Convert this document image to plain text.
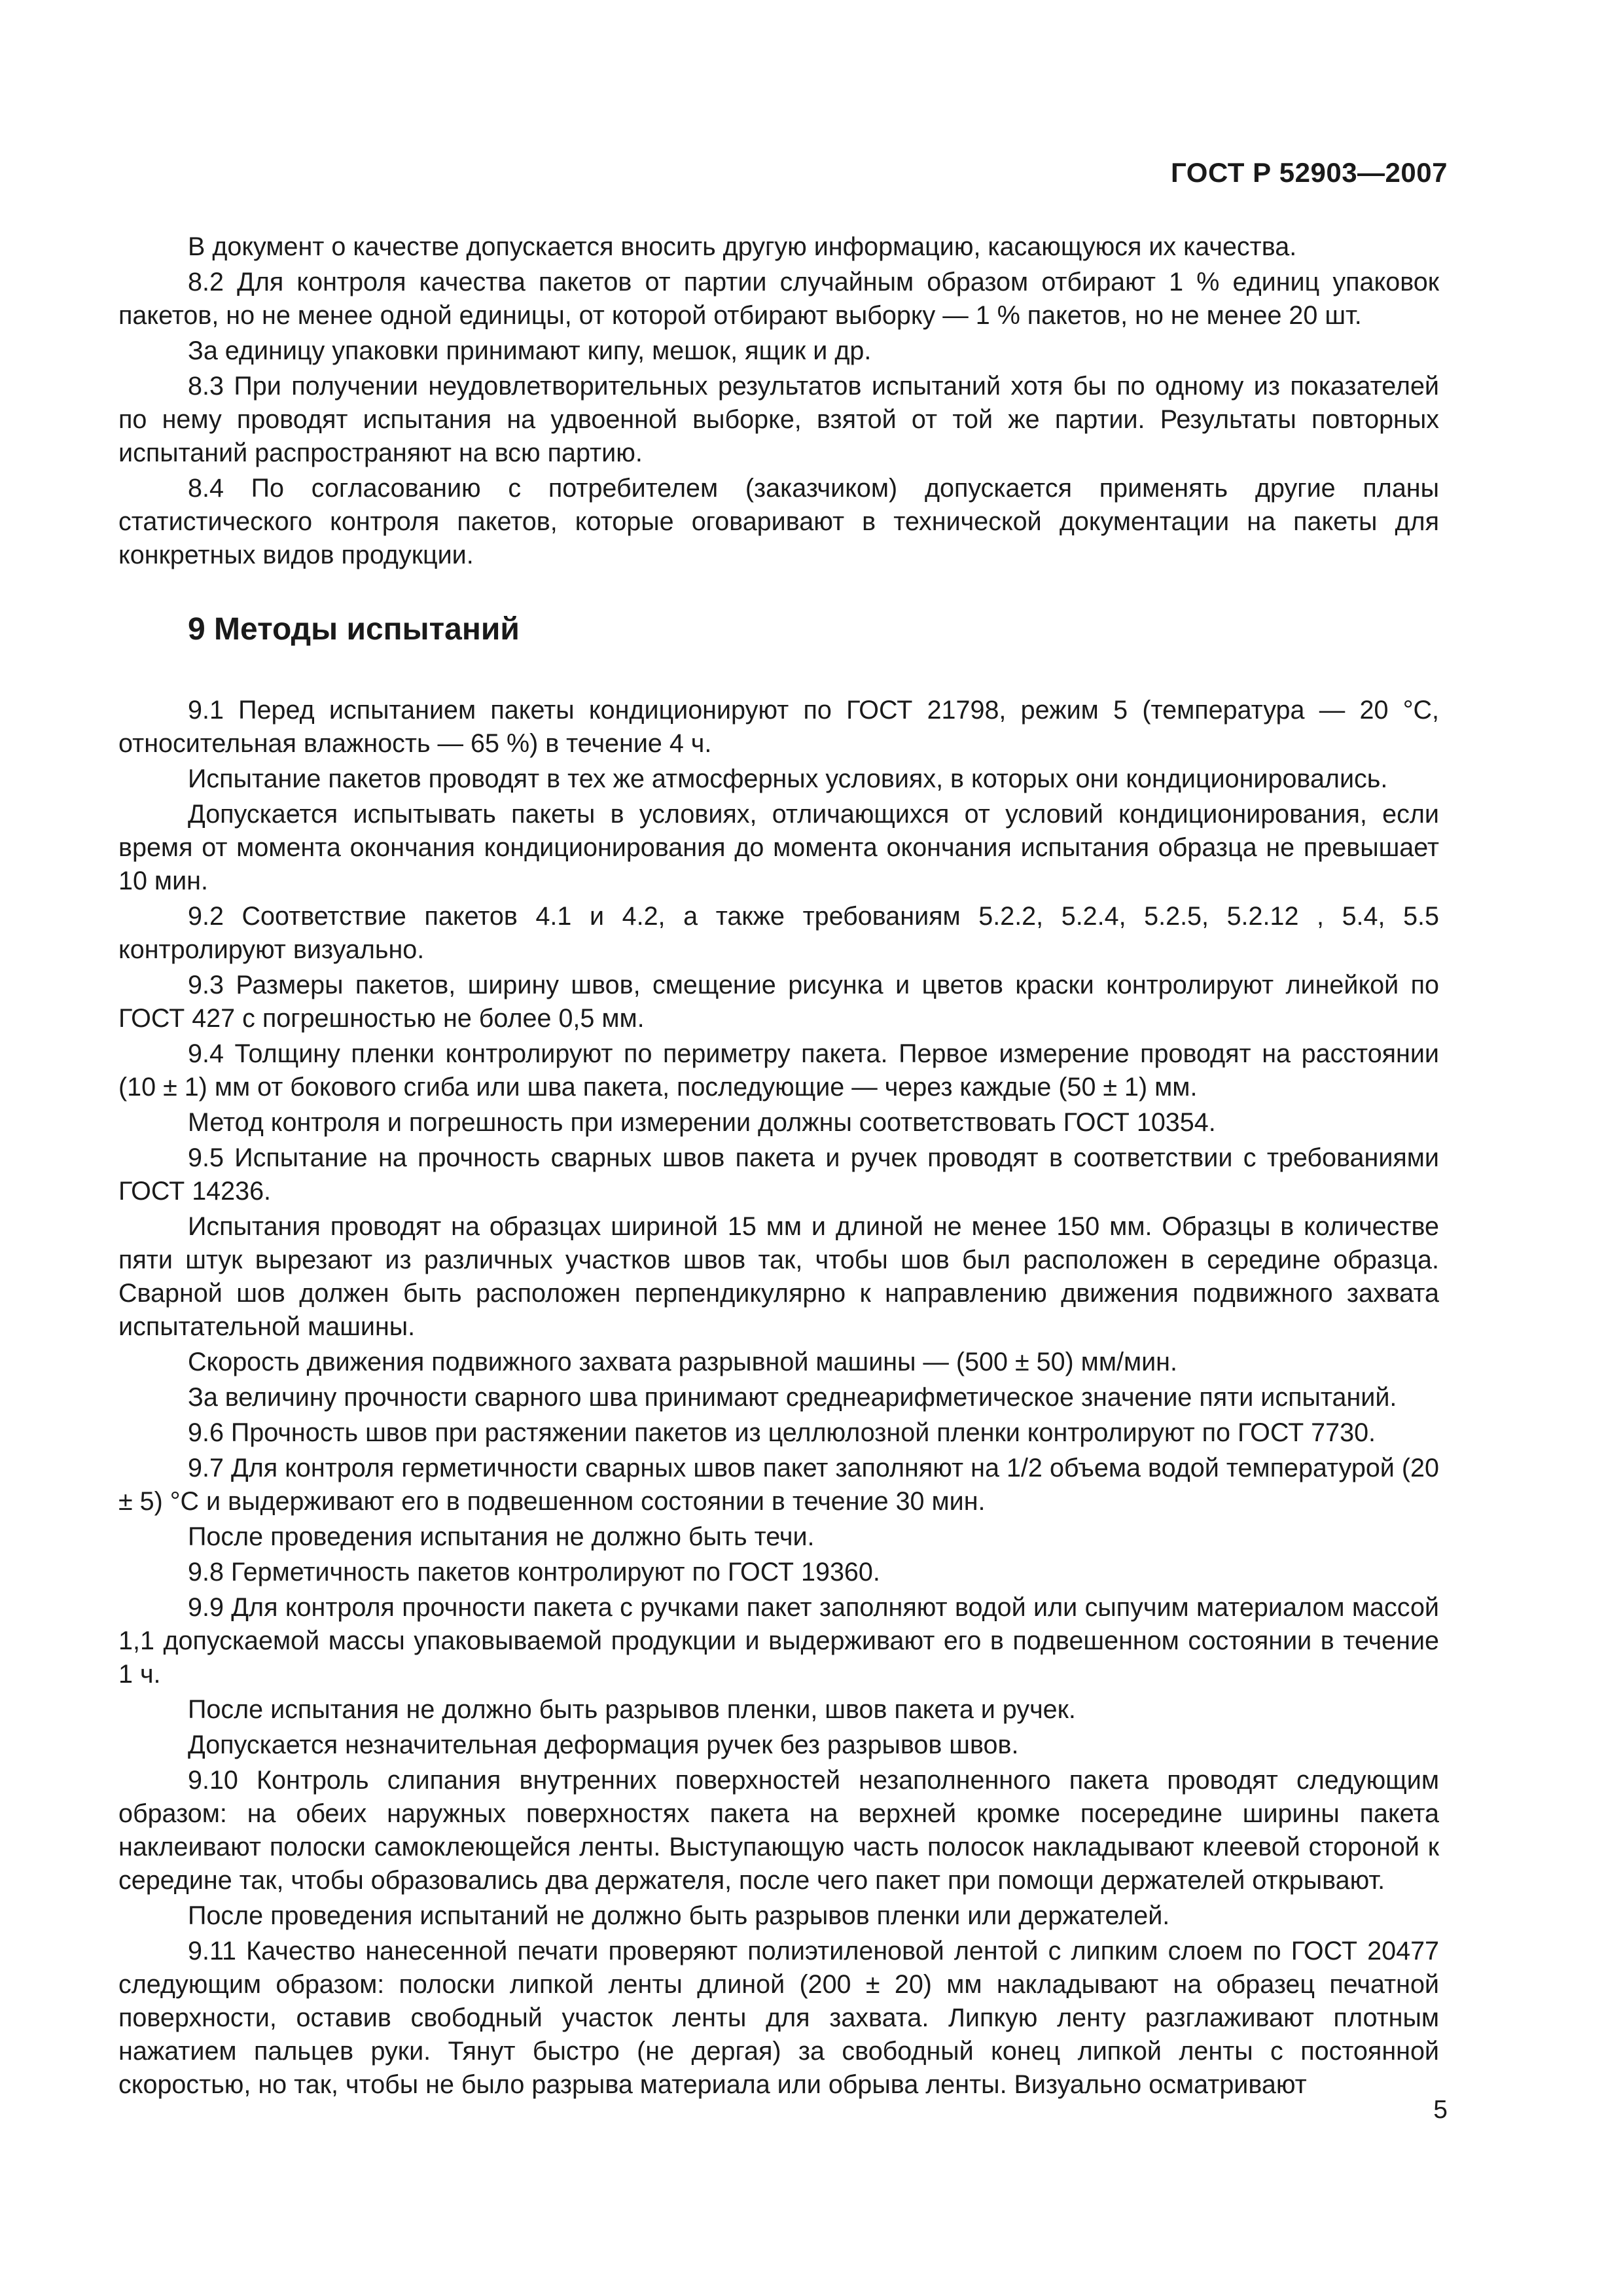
ГОСТ Р 52903—2007

В документ о качестве допускается вносить другую информацию, касающуюся их качества.

8.2 Для контроля качества пакетов от партии случайным образом отбирают 1 % единиц упаковок пакетов, но не менее одной единицы, от которой отбирают выборку — 1 % пакетов, но не менее 20 шт.

За единицу упаковки принимают кипу, мешок, ящик и др.

8.3 При получении неудовлетворительных результатов испытаний хотя бы по одному из показателей по нему проводят испытания на удвоенной выборке, взятой от той же партии. Результаты повторных испытаний распространяют на всю партию.

8.4 По согласованию с потребителем (заказчиком) допускается применять другие планы статистического контроля пакетов, которые оговаривают в технической документации на пакеты для конкретных видов продукции.

9 Методы испытаний

9.1 Перед испытанием пакеты кондиционируют по ГОСТ 21798, режим 5 (температура — 20 °С, относительная влажность — 65 %) в течение 4 ч.

Испытание пакетов проводят в тех же атмосферных условиях, в которых они кондиционировались.

Допускается испытывать пакеты в условиях, отличающихся от условий кондиционирования, если время от момента окончания кондиционирования до момента окончания испытания образца не превышает 10 мин.

9.2 Соответствие пакетов 4.1 и 4.2, а также требованиям 5.2.2, 5.2.4, 5.2.5, 5.2.12 , 5.4, 5.5 контролируют визуально.

9.3 Размеры пакетов, ширину швов, смещение рисунка и цветов краски контролируют линейкой по ГОСТ 427 с погрешностью не более 0,5 мм.

9.4 Толщину пленки контролируют по периметру пакета. Первое измерение проводят на расстоянии (10 ± 1) мм от бокового сгиба или шва пакета, последующие — через каждые (50 ± 1) мм.

Метод контроля и погрешность при измерении должны соответствовать ГОСТ 10354.

9.5 Испытание на прочность сварных швов пакета и ручек проводят в соответствии с требованиями ГОСТ 14236.

Испытания проводят на образцах шириной 15 мм и длиной не менее 150 мм. Образцы в количестве пяти штук вырезают из различных участков швов так, чтобы шов был расположен в середине образца. Сварной шов должен быть расположен перпендикулярно к направлению движения подвижного захвата испытательной машины.

Скорость движения подвижного захвата разрывной машины — (500 ± 50) мм/мин.

За величину прочности сварного шва принимают среднеарифметическое значение пяти испытаний.

9.6 Прочность швов при растяжении пакетов из целлюлозной пленки контролируют по ГОСТ 7730.

9.7 Для контроля герметичности сварных швов пакет заполняют на 1/2 объема водой температурой (20 ± 5) °С и выдерживают его в подвешенном состоянии в течение 30 мин.

После проведения испытания не должно быть течи.

9.8 Герметичность пакетов контролируют по ГОСТ 19360.

9.9 Для контроля прочности пакета с ручками пакет заполняют водой или сыпучим материалом массой 1,1 допускаемой массы упаковываемой продукции и выдерживают его в подвешенном состоянии в течение 1 ч.

После испытания не должно быть разрывов пленки, швов пакета и ручек.

Допускается незначительная деформация ручек без разрывов швов.

9.10 Контроль слипания внутренних поверхностей незаполненного пакета проводят следующим образом: на обеих наружных поверхностях пакета на верхней кромке посередине ширины пакета наклеивают полоски самоклеющейся ленты. Выступающую часть полосок накладывают клеевой стороной к середине так, чтобы образовались два держателя, после чего пакет при помощи держателей открывают.

После проведения испытаний не должно быть разрывов пленки или держателей.

9.11 Качество нанесенной печати проверяют полиэтиленовой лентой с липким слоем по ГОСТ 20477 следующим образом: полоски липкой ленты длиной (200 ± 20) мм накладывают на образец печатной поверхности, оставив свободный участок ленты для захвата. Липкую ленту разглаживают плотным нажатием пальцев руки. Тянут быстро (не дергая) за свободный конец липкой ленты с постоянной скоростью, но так, чтобы не было разрыва материала или обрыва ленты. Визуально осматривают

5
